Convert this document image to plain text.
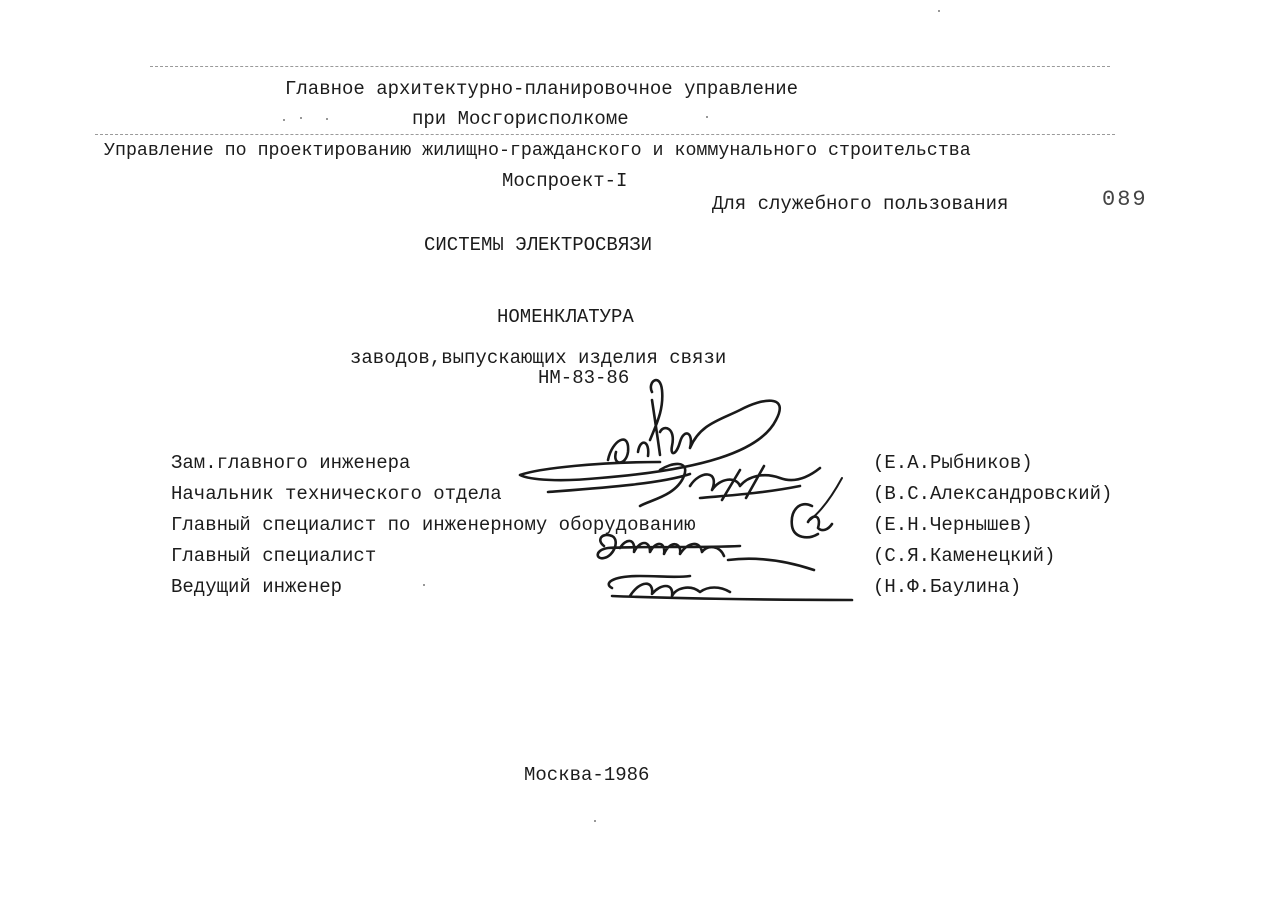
Главное архитектурно-планировочное управление
при Мосгорисполкоме
Управление по проектированию жилищно-гражданского и коммунального строительства
Моспроект-I
Для служебного пользования	089
СИСТЕМЫ ЭЛЕКТРОСВЯЗИ
НОМЕНКЛАТУРА
заводов,выпускающих изделия связи
НМ-83-86
Зам.главного инженера
Начальник технического отдела
Главный специалист по инженерному оборудованию
Главный специалист
Ведущий инженер
(Е.А.Рыбников)
(В.С.Александровский)
(Е.Н.Чернышев)
(С.Я.Каменецкий)
(Н.Ф.Баулина)
Москва-1986
